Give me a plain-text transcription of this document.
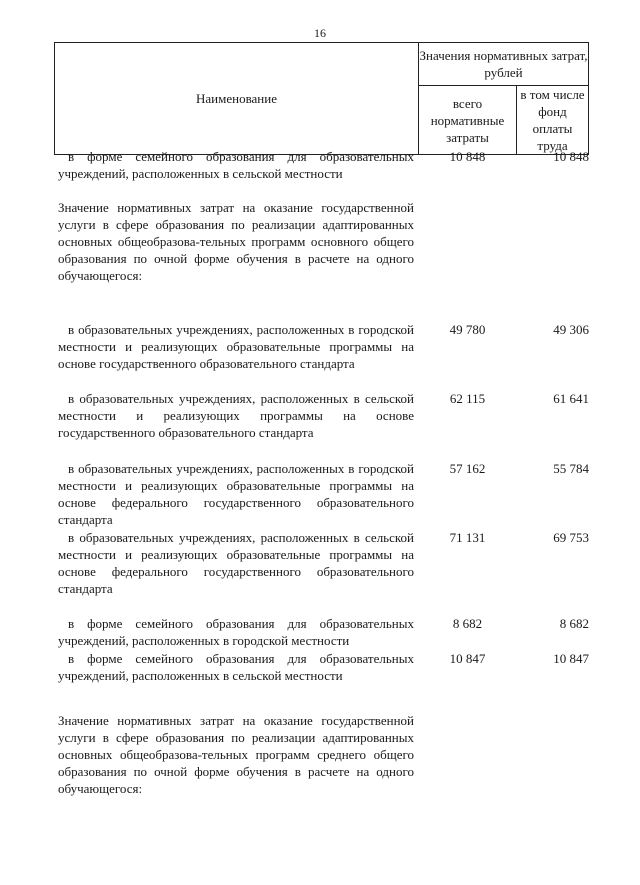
16
Наименование
Значения нормативных затрат, рублей
всего нормативные затраты
в том числе фонд оплаты труда
в форме семейного образования для образовательных учреждений, расположенных в сельской местности
10 848	10 848
Значение нормативных затрат на оказание государственной услуги в сфере образования по реализации адаптированных основных общеобразова-тельных программ основного общего образования по очной форме обучения в расчете на одного обучающегося:
в образовательных учреждениях, расположенных в городской местности и реализующих образовательные программы на основе государственного образовательного стандарта
49 780	49 306
в образовательных учреждениях, расположенных в сельской местности и реализующих программы на основе государственного образовательного стандарта
62 115	61 641
в образовательных учреждениях, расположенных в городской местности и реализующих образовательные программы на основе федерального государственного образовательного стандарта
57 162	55 784
в образовательных учреждениях, расположенных в сельской местности и реализующих образовательные программы на основе федерального государственного образовательного стандарта
71 131	69 753
в форме семейного образования для образовательных учреждений, расположенных в городской местности
8 682	8 682
в форме семейного образования для образовательных учреждений, расположенных в сельской местности
10 847	10 847
Значение нормативных затрат на оказание государственной услуги в сфере образования по реализации адаптированных основных общеобразова-тельных программ среднего общего образования по очной форме обучения в расчете на одного обучающегося:
